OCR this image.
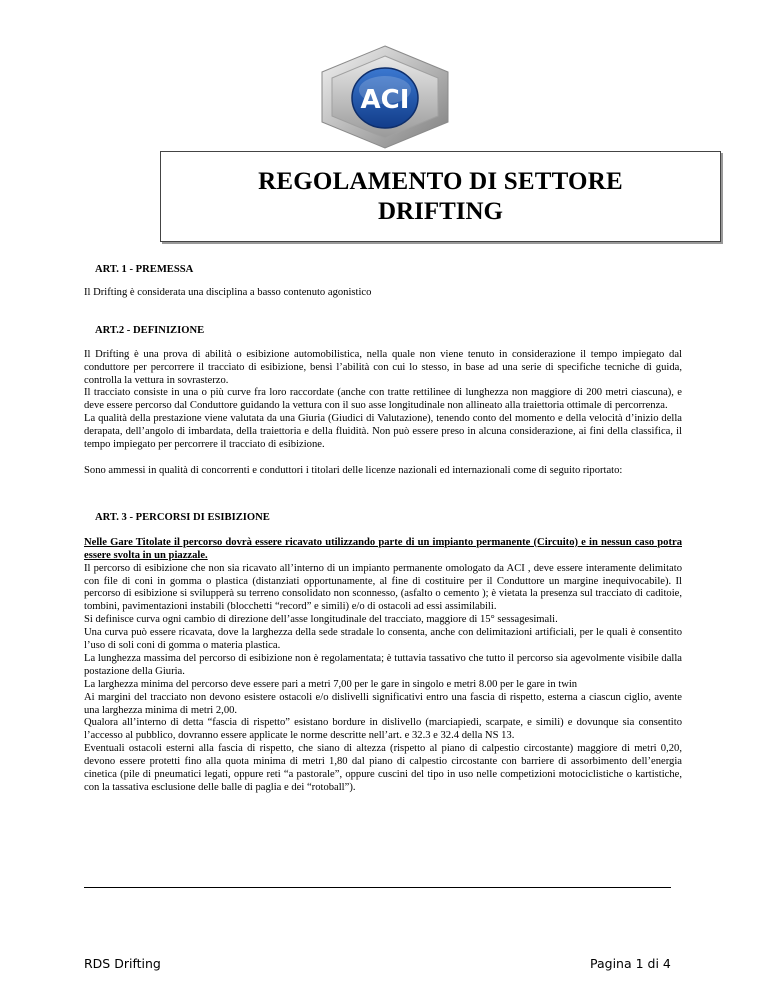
ACI
REGOLAMENTO DI SETTORE
DRIFTING
ART. 1 - PREMESSA
Il Drifting è considerata una disciplina a basso contenuto agonistico
ART.2 - DEFINIZIONE
Il Drifting è una prova di abilità o esibizione automobilistica, nella quale non viene tenuto in considerazione il tempo impiegato dal conduttore per percorrere il tracciato di esibizione, bensì l’abilità con cui lo stesso, in base ad una serie di specifiche tecniche di guida, controlla la vettura in sovrasterzo.
Il tracciato consiste in una o più curve fra loro raccordate (anche con tratte rettilinee di lunghezza non maggiore di 200 metri ciascuna), e deve essere percorso dal Conduttore guidando la vettura con il suo asse longitudinale non allineato alla traiettoria ottimale di percorrenza.
La qualità della prestazione viene valutata da una Giuria (Giudici di Valutazione), tenendo conto del momento e della velocità d’inizio della derapata, dell’angolo di imbardata, della traiettoria e della fluidità. Non può essere preso in alcuna considerazione, ai fini della classifica, il tempo impiegato per percorrere il tracciato di esibizione.
Sono ammessi in qualità di concorrenti e conduttori i titolari delle licenze nazionali ed internazionali come di seguito riportato:
ART. 3 - PERCORSI DI ESIBIZIONE
Nelle Gare Titolate il percorso dovrà essere ricavato utilizzando parte di un impianto permanente (Circuito) e in nessun caso potra essere svolta in un piazzale.
Il percorso di esibizione che non sia ricavato all’interno di un impianto permanente omologato da ACI , deve essere interamente delimitato con file di coni in gomma o plastica (distanziati opportunamente, al fine di costituire per il Conduttore un margine inequivocabile). Il percorso di esibizione si svilupperà su terreno consolidato non sconnesso, (asfalto o cemento ); è vietata la presenza sul tracciato di caditoie, tombini, pavimentazioni instabili (blocchetti “record” e simili) e/o di ostacoli ad essi assimilabili.
Si definisce curva ogni cambio di direzione dell’asse longitudinale del tracciato, maggiore di 15° sessagesimali.
Una curva può essere ricavata, dove la larghezza della sede stradale lo consenta, anche con delimitazioni artificiali, per le quali è consentito l’uso di soli coni di gomma o materia plastica.
La lunghezza massima del percorso di esibizione non è regolamentata; è tuttavia tassativo che tutto il percorso sia agevolmente visibile dalla postazione della Giuria.
La larghezza minima del percorso deve essere pari a metri 7,00 per le gare in singolo e metri 8.00 per le gare in twin
Ai margini del tracciato non devono esistere ostacoli e/o dislivelli significativi entro una fascia di rispetto, esterna a ciascun ciglio, avente una larghezza minima di metri 2,00.
Qualora all’interno di detta “fascia di rispetto” esistano bordure in dislivello (marciapiedi, scarpate, e simili) e dovunque sia consentito l’accesso al pubblico, dovranno essere applicate le norme descritte nell’art. e 32.3 e 32.4 della NS 13.
Eventuali ostacoli esterni alla fascia di rispetto, che siano di altezza (rispetto al piano di calpestio circostante) maggiore di metri 0,20, devono essere protetti fino alla quota minima di metri 1,80 dal piano di calpestio circostante con barriere di assorbimento dell’energia cinetica (pile di pneumatici legati, oppure reti “a pastorale”, oppure cuscini del tipo in uso nelle competizioni motociclistiche o kartistiche, con la tassativa esclusione delle balle di paglia e dei “rotoball”).
RDS Drifting	Pagina 1 di 4
